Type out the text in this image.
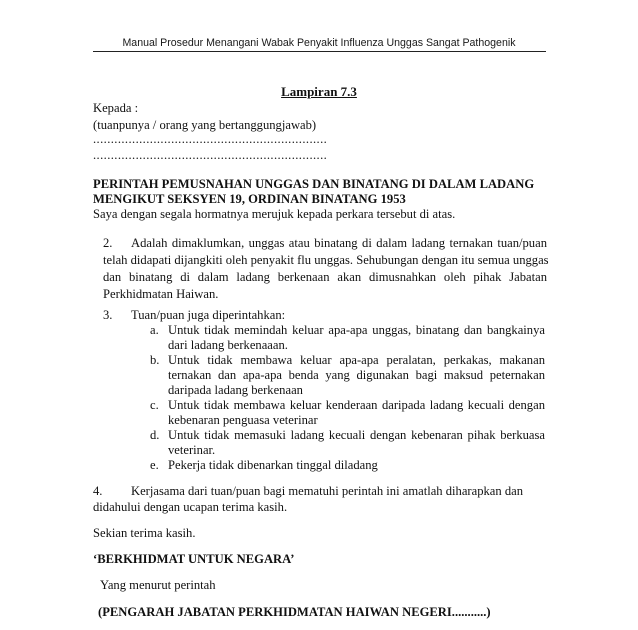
Manual Prosedur Menangani Wabak Penyakit Influenza Unggas Sangat Pathogenik
Lampiran 7.3
Kepada :
(tuanpunya / orang yang bertanggungjawab)
..................................................................
..................................................................
PERINTAH PEMUSNAHAN UNGGAS DAN BINATANG DI DALAM LADANG
MENGIKUT SEKSYEN 19, ORDINAN BINATANG 1953
Saya dengan segala hormatnya merujuk kepada perkara tersebut di atas.
2. Adalah dimaklumkan, unggas atau binatang di dalam ladang ternakan tuan/puan
telah didapati dijangkiti oleh penyakit flu unggas. Sehubungan dengan itu semua unggas
dan binatang di dalam ladang berkenaan akan dimusnahkan oleh pihak Jabatan
Perkhidmatan Haiwan.
3. Tuan/puan juga diperintahkan:
a. Untuk tidak memindah keluar apa-apa unggas, binatang dan bangkainya
dari ladang berkenaaan.
b. Untuk tidak membawa keluar apa-apa peralatan, perkakas, makanan
ternakan dan apa-apa benda yang digunakan bagi maksud peternakan
daripada ladang berkenaan
c. Untuk tidak membawa keluar kenderaan daripada ladang kecuali dengan
kebenaran penguasa veterinar
d. Untuk tidak memasuki ladang kecuali dengan kebenaran pihak berkuasa
veterinar.
e. Pekerja tidak dibenarkan tinggal diladang
4. Kerjasama dari tuan/puan bagi mematuhi perintah ini amatlah diharapkan dan
didahului dengan ucapan terima kasih.
Sekian terima kasih.
‘BERKHIDMAT UNTUK NEGARA’
Yang menurut perintah
(PENGARAH JABATAN PERKHIDMATAN HAIWAN NEGERI...........)
